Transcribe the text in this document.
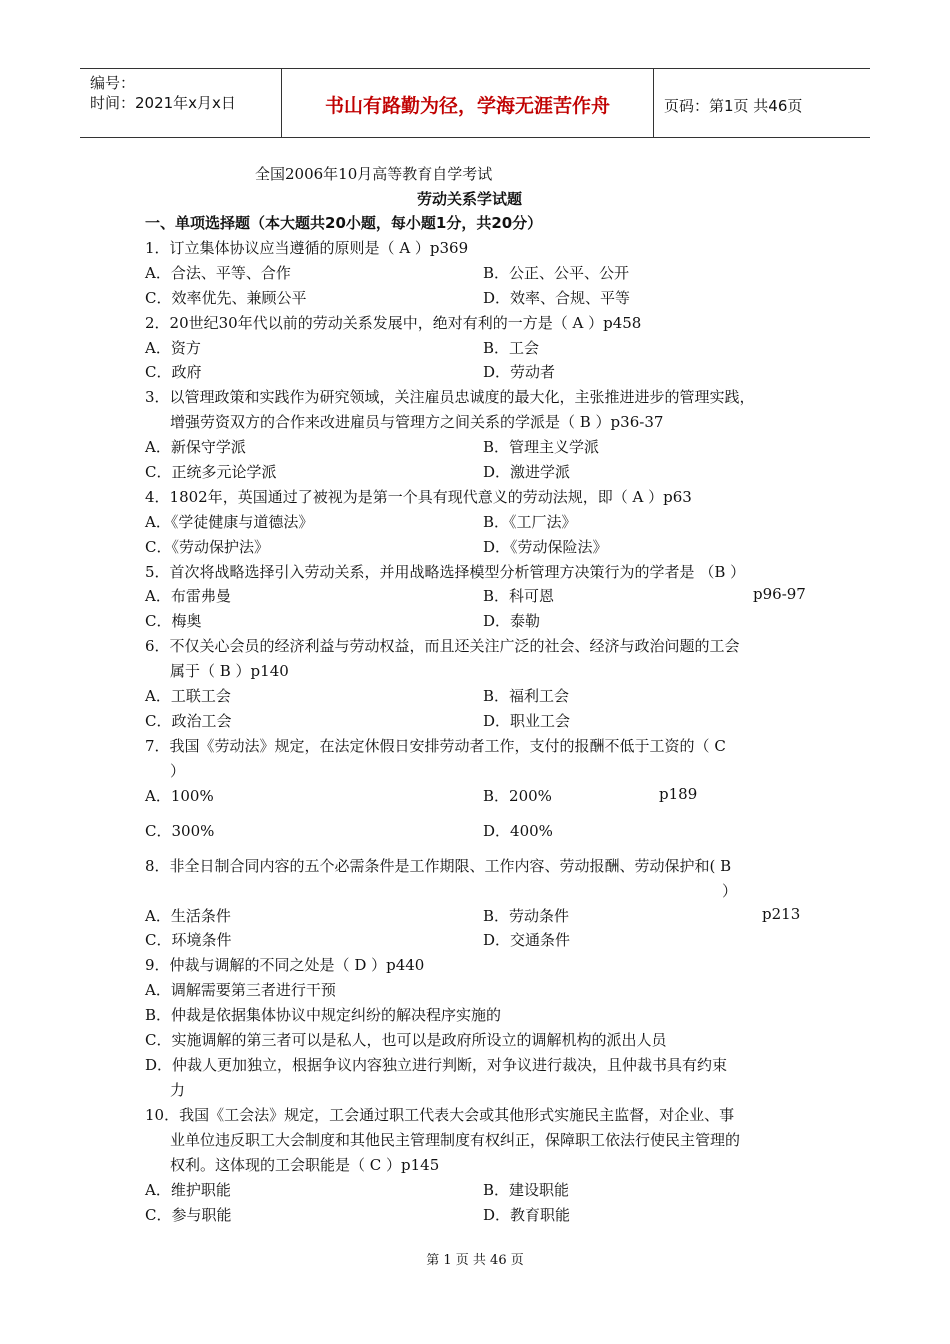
编号：
时间：2021年x月x日	书山有路勤为径，学海无涯苦作舟	页码：第1页 共46页
全国2006年10月高等教育自学考试
劳动关系学试题
一、单项选择题（本大题共20小题，每小题1分，共20分）
1．订立集体协议应当遵循的原则是（ A ）p369
A．合法、平等、合作	B．公正、公平、公开
C．效率优先、兼顾公平	D．效率、合规、平等
2．20世纪30年代以前的劳动关系发展中，绝对有利的一方是（ A ）p458
A．资方	B．工会
C．政府	D．劳动者
3．以管理政策和实践作为研究领域，关注雇员忠诚度的最大化，主张推进进步的管理实践，
增强劳资双方的合作来改进雇员与管理方之间关系的学派是（ B ）p36-37
A．新保守学派	B．管理主义学派
C．正统多元论学派	D．激进学派
4．1802年，英国通过了被视为是第一个具有现代意义的劳动法规，即（ A ）p63
A．《学徒健康与道德法》	B．《工厂法》
C．《劳动保护法》	D．《劳动保险法》
5．首次将战略选择引入劳动关系，并用战略选择模型分析管理方决策行为的学者是 （B ）
A．布雷弗曼	B．科可恩	p96-97
C．梅奥	D．泰勒
6．不仅关心会员的经济利益与劳动权益，而且还关注广泛的社会、经济与政治问题的工会
属于（ B ）p140
A．工联工会	B．福利工会
C．政治工会	D．职业工会
7．我国《劳动法》规定，在法定休假日安排劳动者工作，支付的报酬不低于工资的（ C
）
A．100%	B．200%	p189
C．300%	D．400%
8．非全日制合同内容的五个必需条件是工作期限、工作内容、劳动报酬、劳动保护和( B
）
A．生活条件	B．劳动条件	p213
C．环境条件	D．交通条件
9．仲裁与调解的不同之处是（ D ）p440
A．调解需要第三者进行干预
B．仲裁是依据集体协议中规定纠纷的解决程序实施的
C．实施调解的第三者可以是私人，也可以是政府所设立的调解机构的派出人员
D．仲裁人更加独立，根据争议内容独立进行判断，对争议进行裁决，且仲裁书具有约束
力
10．我国《工会法》规定，工会通过职工代表大会或其他形式实施民主监督，对企业、事
业单位违反职工大会制度和其他民主管理制度有权纠正，保障职工依法行使民主管理的
权利。这体现的工会职能是（ C ）p145
A．维护职能	B．建设职能
C．参与职能	D．教育职能
第 1 页 共 46 页
